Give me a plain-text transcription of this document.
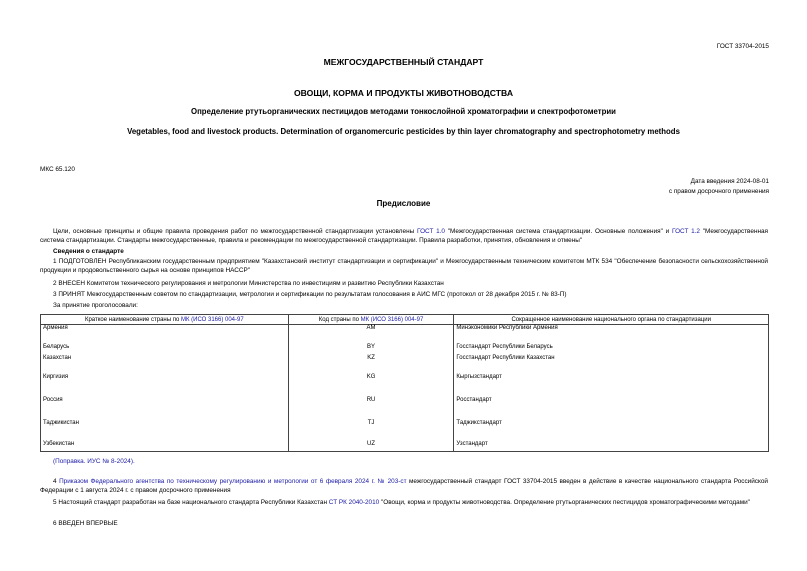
ГОСТ 33704-2015
МЕЖГОСУДАРСТВЕННЫЙ СТАНДАРТ
ОВОЩИ, КОРМА И ПРОДУКТЫ ЖИВОТНОВОДСТВА
Определение ртутьорганических пестицидов методами тонкослойной хроматографии и спектрофотометрии
Vegetables, food and livestock products. Determination of organomercuric pesticides by thin layer chromatography and spectrophotometry methods
МКС 65.120
Дата введения 2024-08-01
с правом досрочного применения
Предисловие
Цели, основные принципы и общие правила проведения работ по межгосударственной стандартизации установлены ГОСТ 1.0 "Межгосударственная система стандартизации. Основные положения" и ГОСТ 1.2 "Межгосударственная система стандартизации. Стандарты межгосударственные, правила и рекомендации по межгосударственной стандартизации. Правила разработки, принятия, обновления и отмены"
Сведения о стандарте
1 ПОДГОТОВЛЕН Республиканским государственным предприятием "Казахстанский институт стандартизации и сертификации" и Межгосударственным техническим комитетом МТК 534 "Обеспечение безопасности сельскохозяйственной продукции и продовольственного сырья на основе принципов НАССР"
2 ВНЕСЕН Комитетом технического регулирования и метрологии Министерства по инвестициям и развитию Республики Казахстан
3 ПРИНЯТ Межгосударственным советом по стандартизации, метрологии и сертификации по результатам голосования в АИС МГС (протокол от 28 декабря 2015 г. № 83-П)
За принятие проголосовали:
Краткое наименование страны по МК (ИСО 3166) 004-97	Код страны по МК (ИСО 3166) 004-97	Сокращенное наименование национального органа по стандартизации
Армения	AM	Минэкономики Республики Армения
Беларусь	BY	Госстандарт Республики Беларусь
Казахстан	KZ	Госстандарт Республики Казахстан
Киргизия	KG	Кыргызстандарт
Россия	RU	Росстандарт
Таджикистан	TJ	Таджикстандарт
Узбекистан	UZ	Узстандарт
(Поправка. ИУС № 8-2024).
4 Приказом Федерального агентства по техническому регулированию и метрологии от 6 февраля 2024 г. № 203-ст межгосударственный стандарт ГОСТ 33704-2015 введен в действие в качестве национального стандарта Российской Федерации с 1 августа 2024 г. с правом досрочного применения
5 Настоящий стандарт разработан на базе национального стандарта Республики Казахстан СТ РК 2040-2010 "Овощи, корма и продукты животноводства. Определение ртутьорганических пестицидов хроматографическими методами"
6 ВВЕДЕН ВПЕРВЫЕ
